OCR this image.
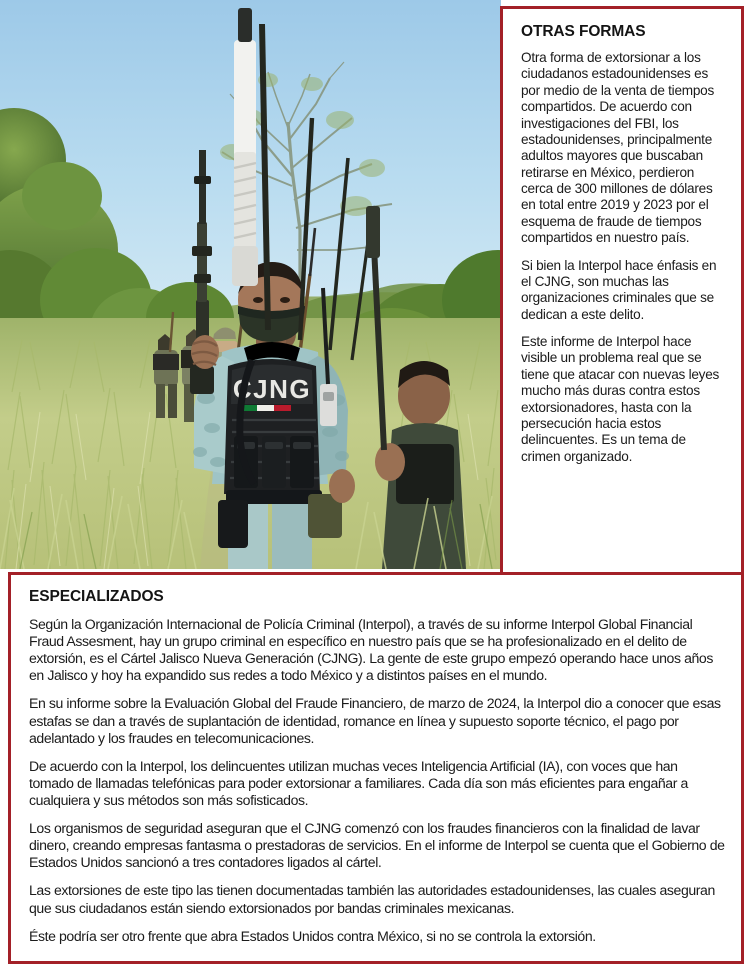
CJNG
OTRAS FORMAS

Otra forma de extorsionar a los ciudadanos estadounidenses es por medio de la venta de tiempos compartidos. De acuerdo con investigaciones del FBI, los estadounidenses, principalmente adultos mayores que buscaban retirarse en México, perdieron cerca de 300 millones de dólares en total entre 2019 y 2023 por el esquema de fraude de tiempos compartidos en nuestro país.

Si bien la Interpol hace énfasis en el CJNG, son muchas las organizaciones criminales que se dedican a este delito.

Este informe de Interpol hace visible un problema real que se tiene que atacar con nuevas leyes mucho más duras contra estos extorsionadores, hasta con la persecución hacia estos delincuentes. Es un tema de crimen organizado.

ESPECIALIZADOS

Según la Organización Internacional de Policía Criminal (Interpol), a través de su informe Interpol Global Financial Fraud Assesment, hay un grupo criminal en específico en nuestro país que se ha profesionalizado en el delito de extorsión, es el Cártel Jalisco Nueva Generación (CJNG). La gente de este grupo empezó operando hace unos años en Jalisco y hoy ha expandido sus redes a todo México y a distintos países en el mundo.

En su informe sobre la Evaluación Global del Fraude Financiero, de marzo de 2024, la Interpol dio a conocer que esas estafas se dan a través de suplantación de identidad, romance en línea y supuesto soporte técnico, el pago por adelantado y los fraudes en telecomunicaciones.

De acuerdo con la Interpol, los delincuentes utilizan muchas veces Inteligencia Artificial (IA), con voces que han tomado de llamadas telefónicas para poder extorsionar a familiares. Cada día son más eficientes para engañar a cualquiera y sus métodos son más sofisticados.

Los organismos de seguridad aseguran que el CJNG comenzó con los fraudes financieros con la finalidad de lavar dinero, creando empresas fantasma o prestadoras de servicios. En el informe de Interpol se cuenta que el Gobierno de Estados Unidos sancionó a tres contadores ligados al cártel.

Las extorsiones de este tipo las tienen documentadas también las autoridades estadounidenses, las cuales aseguran que sus ciudadanos están siendo extorsionados por bandas criminales mexicanas.

Éste podría ser otro frente que abra Estados Unidos contra México, si no se controla la extorsión.
